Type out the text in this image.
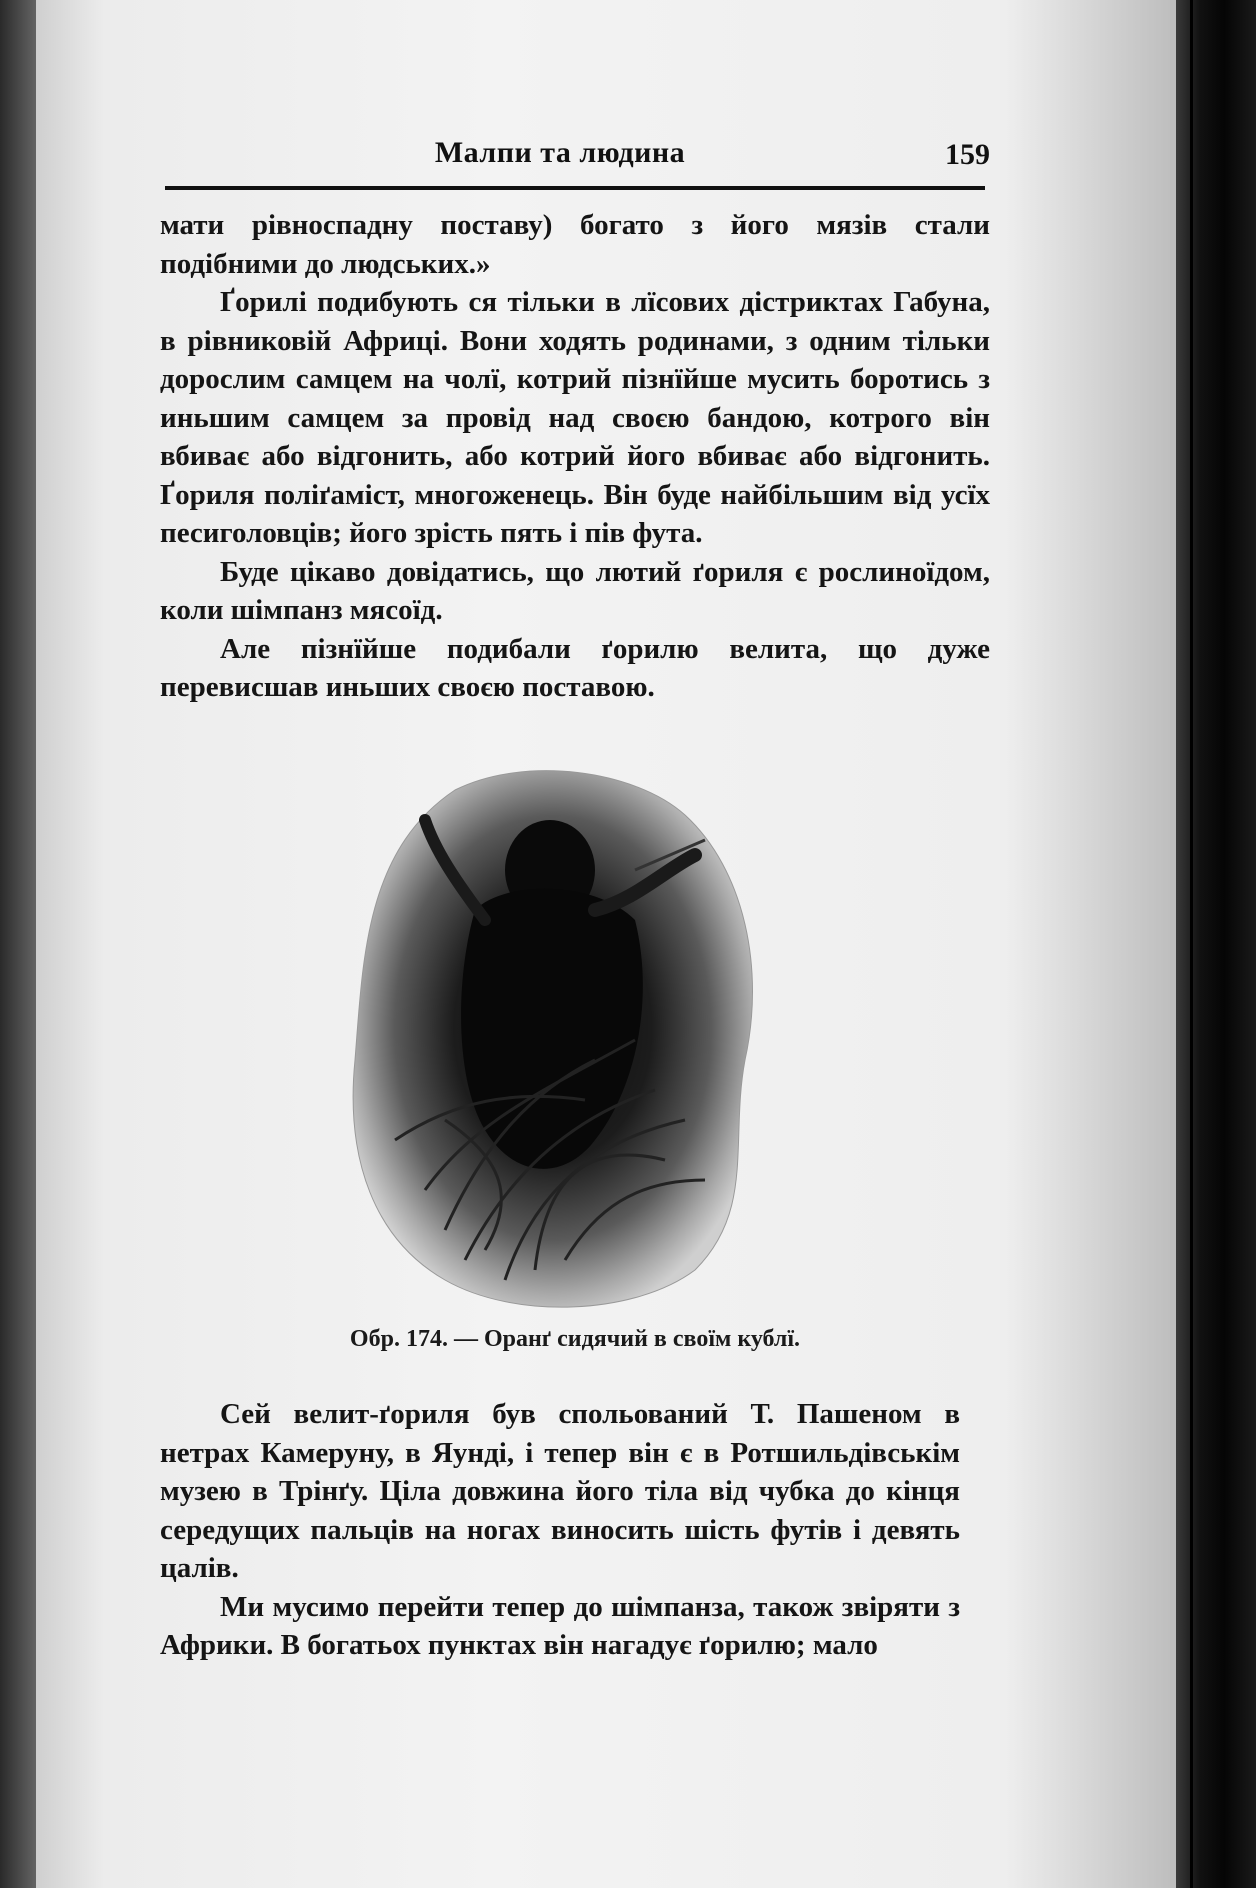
Малпи та людина	159

мати рівноспадну поставу) богато з його мязів стали подібними до людських.»

Ґорилі подибують ся тільки в лїсових дістриктах Габуна, в рівниковій Африці. Вони ходять родинами, з одним тільки дорослим самцем на чолї, котрий пізнїйше мусить боротись з иньшим самцем за провід над своєю бандою, котрого він вбиває або відгонить, або котрий його вбиває або відгонить. Ґориля поліґаміст, многоженець. Він буде найбільшим від усїх песиголовців; його зрість пять і пів фута.

Буде цікаво довідатись, що лютий ґориля є рослиноїдом, коли шімпанз мясоїд.

Але пізнїйше подибали ґорилю велита, що дуже перевисшав иньших своєю поставою.

Обр. 174. — Оранґ сидячий в своїм кублї.

Сей велит-ґориля був спольований Т. Пашеном в нетрах Камеруну, в Яунді, і тепер він є в Ротшильдівськім музею в Трінґу. Ціла довжина його тіла від чубка до кінця середущих пальців на ногах виносить шість футів і девять цалів.

Ми мусимо перейти тепер до шімпанза, також звіряти з Африки. В богатьох пунктах він нагадує ґорилю; мало
